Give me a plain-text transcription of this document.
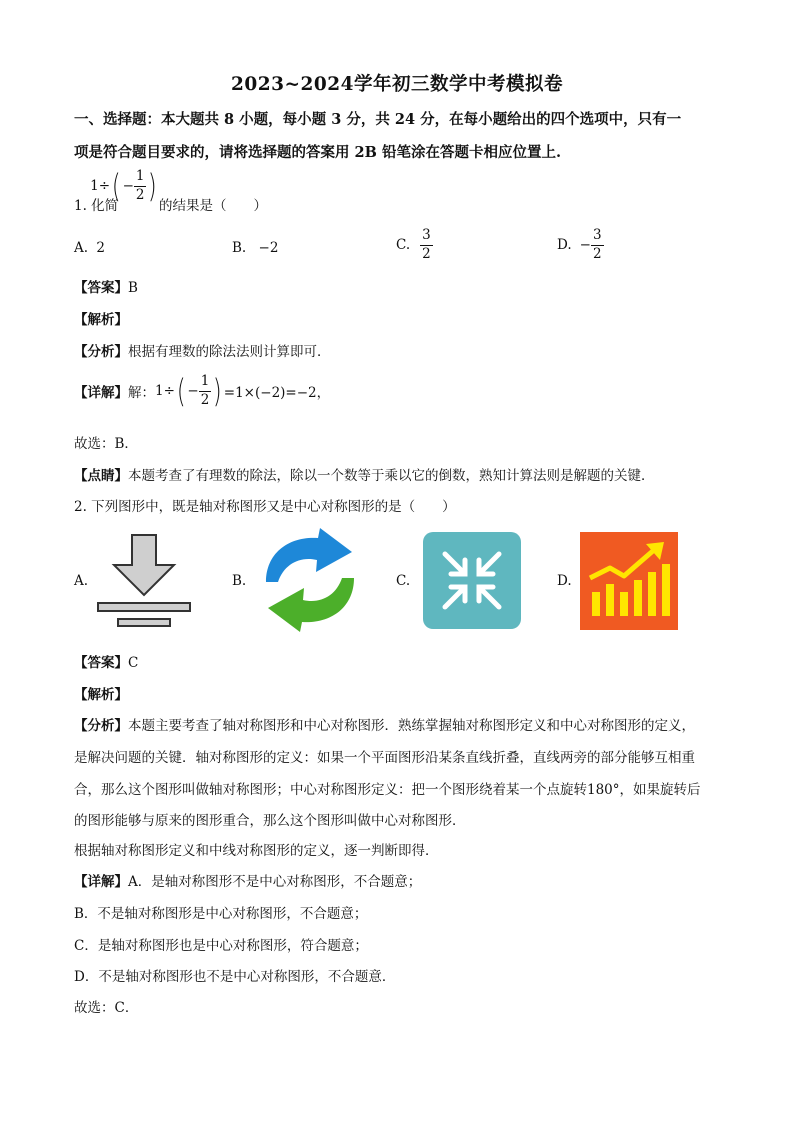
2023~2024学年初三数学中考模拟卷
一、选择题：本大题共 8 小题，每小题 3 分，共 24 分，在每小题给出的四个选项中，只有一
项是符合题目要求的，请将选择题的答案用 2B 铅笔涂在答题卡相应位置上.
1. 化简
1÷ ( − $\frac{1}{2}$ )
的结果是（　　）
A. 2	B. −2	C. $\frac{3}{2}$	D. − $\frac{3}{2}$
【答案】B
【解析】
【分析】根据有理数的除法法则计算即可．
【详解】 解： 1÷ ( − $\frac{1}{2}$ ) =1×(−2)=−2，
故选：B．
【点睛】本题考查了有理数的除法，除以一个数等于乘以它的倒数，熟知计算法则是解题的关键．
2. 下列图形中，既是轴对称图形又是中心对称图形的是（　　）
A.	B.	C.	D.
【答案】C
【解析】
【分析】本题主要考查了轴对称图形和中心对称图形．熟练掌握轴对称图形定义和中心对称图形的定义，
是解决问题的关键．轴对称图形的定义：如果一个平面图形沿某条直线折叠，直线两旁的部分能够互相重
合，那么这个图形叫做轴对称图形；中心对称图形定义：把一个图形绕着某一个点旋转180°，如果旋转后
的图形能够与原来的图形重合，那么这个图形叫做中心对称图形．
根据轴对称图形定义和中线对称图形的定义，逐一判断即得．
【详解】A．是轴对称图形不是中心对称图形，不合题意；
B．不是轴对称图形是中心对称图形，不合题意；
C．是轴对称图形也是中心对称图形，符合题意；
D．不是轴对称图形也不是中心对称图形，不合题意．
故选：C．
